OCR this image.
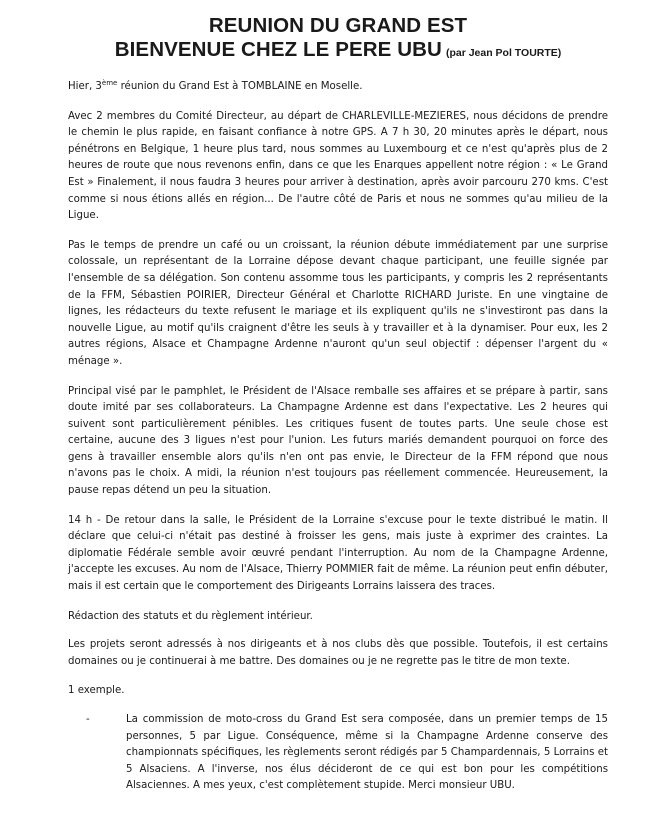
REUNION DU GRAND EST
BIENVENUE CHEZ LE PERE UBU (par Jean Pol TOURTE)

Hier, 3ème réunion du Grand Est à TOMBLAINE en Moselle.

Avec 2 membres du Comité Directeur, au départ de CHARLEVILLE-MEZIERES, nous décidons de prendre le chemin le plus rapide, en faisant confiance à notre GPS. A 7 h 30, 20 minutes après le départ, nous pénétrons en Belgique, 1 heure plus tard, nous sommes au Luxembourg et ce n'est qu'après plus de 2 heures de route que nous revenons enfin, dans ce que les Enarques appellent notre région : « Le Grand Est » Finalement, il nous faudra 3 heures pour arriver à destination, après avoir parcouru 270 kms. C'est comme si nous étions allés en région... De l'autre côté de Paris et nous ne sommes qu'au milieu de la Ligue.

Pas le temps de prendre un café ou un croissant, la réunion débute immédiatement par une surprise colossale, un représentant de la Lorraine dépose devant chaque participant, une feuille signée par l'ensemble de sa délégation. Son contenu assomme tous les participants, y compris les 2 représentants de la FFM, Sébastien POIRIER, Directeur Général et Charlotte RICHARD Juriste. En une vingtaine de lignes, les rédacteurs du texte refusent le mariage et ils expliquent qu'ils ne s'investiront pas dans la nouvelle Ligue, au motif qu'ils craignent d'être les seuls à y travailler et à la dynamiser. Pour eux, les 2 autres régions, Alsace et Champagne Ardenne n'auront qu'un seul objectif : dépenser l'argent du « ménage ».

Principal visé par le pamphlet, le Président de l'Alsace remballe ses affaires et se prépare à partir, sans doute imité par ses collaborateurs. La Champagne Ardenne est dans l'expectative. Les 2 heures qui suivent sont particulièrement pénibles. Les critiques fusent de toutes parts. Une seule chose est certaine, aucune des 3 ligues n'est pour l'union. Les futurs mariés demandent pourquoi on force des gens à travailler ensemble alors qu'ils n'en ont pas envie, le Directeur de la FFM répond que nous n'avons pas le choix. A midi, la réunion n'est toujours pas réellement commencée. Heureusement, la pause repas détend un peu la situation.

14 h - De retour dans la salle, le Président de la Lorraine s'excuse pour le texte distribué le matin. Il déclare que celui-ci n'était pas destiné à froisser les gens, mais juste à exprimer des craintes. La diplomatie Fédérale semble avoir œuvré pendant l'interruption. Au nom de la Champagne Ardenne, j'accepte les excuses. Au nom de l'Alsace, Thierry POMMIER fait de même. La réunion peut enfin débuter, mais il est certain que le comportement des Dirigeants Lorrains laissera des traces.

Rédaction des statuts et du règlement intérieur.

Les projets seront adressés à nos dirigeants et à nos clubs dès que possible. Toutefois, il est certains domaines ou je continuerai à me battre. Des domaines ou je ne regrette pas le titre de mon texte.

1 exemple.

-	La commission de moto-cross du Grand Est sera composée, dans un premier temps de 15 personnes, 5 par Ligue. Conséquence, même si la Champagne Ardenne conserve des championnats spécifiques, les règlements seront rédigés par 5 Champardennais, 5 Lorrains et 5 Alsaciens. A l'inverse, nos élus décideront de ce qui est bon pour les compétitions Alsaciennes. A mes yeux, c'est complètement stupide. Merci monsieur UBU.
